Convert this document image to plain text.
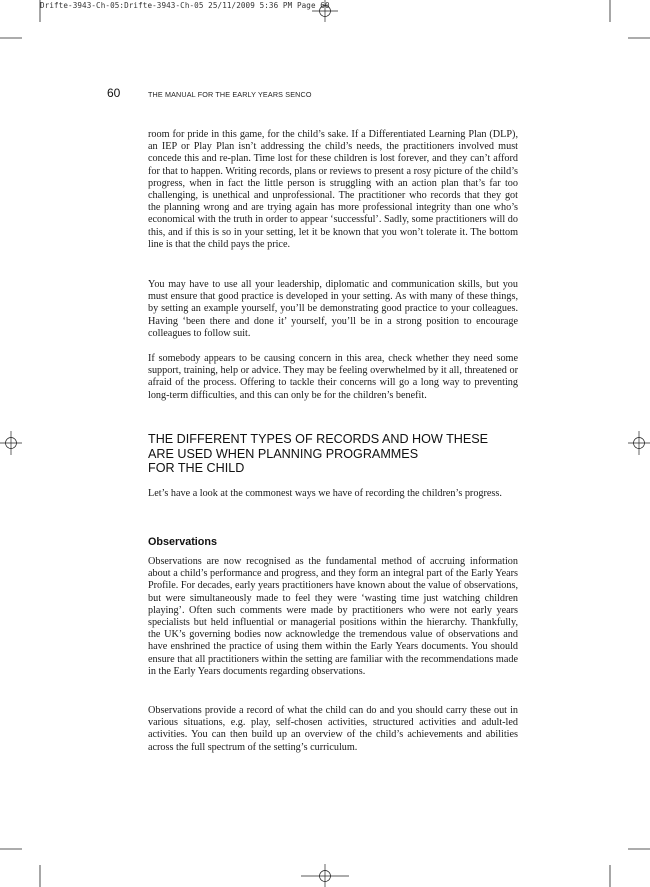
Drifte-3943-Ch-05:Drifte-3943-Ch-05 25/11/2009 5:36 PM Page 60
60	THE MANUAL FOR THE EARLY YEARS SENCO

room for pride in this game, for the child’s sake. If a Differentiated Learning Plan (DLP), an IEP or Play Plan isn’t addressing the child’s needs, the practitioners involved must concede this and re-plan. Time lost for these children is lost forever, and they can’t afford for that to happen. Writing records, plans or reviews to present a rosy picture of the child’s progress, when in fact the little person is struggling with an action plan that’s far too challenging, is unethical and unprofessional. The practitioner who records that they got the planning wrong and are trying again has more professional integrity than one who’s economical with the truth in order to appear ‘successful’. Sadly, some practitioners will do this, and if this is so in your setting, let it be known that you won’t tolerate it. The bottom line is that the child pays the price.

You may have to use all your leadership, diplomatic and communication skills, but you must ensure that good practice is developed in your setting. As with many of these things, by setting an example yourself, you’ll be demonstrating good practice to your colleagues. Having ‘been there and done it’ yourself, you’ll be in a strong position to encourage colleagues to follow suit.

If somebody appears to be causing concern in this area, check whether they need some support, training, help or advice. They may be feeling overwhelmed by it all, threatened or afraid of the process. Offering to tackle their concerns will go a long way to preventing long-term difficulties, and this can only be for the children’s benefit.

THE DIFFERENT TYPES OF RECORDS AND HOW THESE
ARE USED WHEN PLANNING PROGRAMMES
FOR THE CHILD

Let’s have a look at the commonest ways we have of recording the children’s progress.

Observations

Observations are now recognised as the fundamental method of accruing information about a child’s performance and progress, and they form an integral part of the Early Years Profile. For decades, early years practitioners have known about the value of observations, but were simultaneously made to feel they were ‘wasting time just watching children playing’. Often such comments were made by practitioners who were not early years specialists but held influential or managerial positions within the hierarchy. Thankfully, the UK’s governing bodies now acknowledge the tremendous value of observations and have enshrined the practice of using them within the Early Years documents. You should ensure that all practitioners within the setting are familiar with the recommendations made in the Early Years documents regarding observations.

Observations provide a record of what the child can do and you should carry these out in various situations, e.g. play, self-chosen activities, structured activities and adult-led activities. You can then build up an overview of the child’s achievements and abilities across the full spectrum of the setting’s curriculum.
